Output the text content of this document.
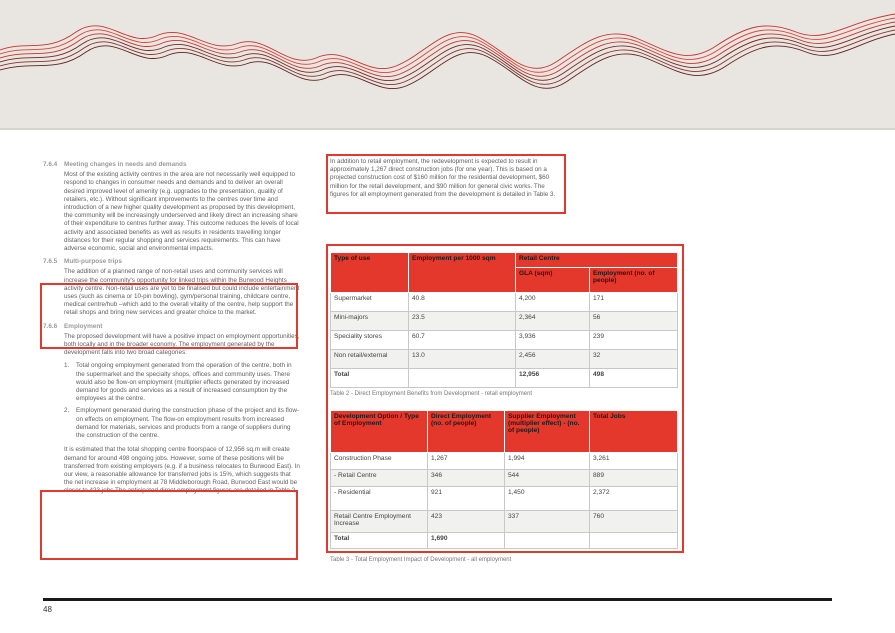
7.6.4 Meeting changes in needs and demands

Most of the existing activity centres in the area are not necessarily well equipped to respond to changes in consumer needs and demands and to deliver an overall desired improved level of amenity (e.g. upgrades to the presentation, quality of retailers, etc.). Without significant improvements to the centres over time and introduction of a new higher quality development as proposed by this development, the community will be increasingly underserved and likely direct an increasing share of their expenditure to centres further away. This outcome reduces the levels of local activity and associated benefits as well as results in residents travelling longer distances for their regular shopping and services requirements. This can have adverse economic, social and environmental impacts.

7.6.5 Multi-purpose trips

The addition of a planned range of non-retail uses and community services will increase the community's opportunity for linked trips within the Burwood Heights activity centre. Non-retail uses are yet to be finalised but could include entertainment uses (such as cinema or 10-pin bowling), gym/personal training, childcare centre, medical centre/hub –which add to the overall vitality of the centre, help support the retail shops and bring new services and greater choice to the market.

7.6.6 Employment

The proposed development will have a positive impact on employment opportunities, both locally and in the broader economy. The employment generated by the development falls into two broad categories:

1.	Total ongoing employment generated from the operation of the centre, both in the supermarket and the specialty shops, offices and community uses. There would also be flow-on employment (multiplier effects generated by increased demand for goods and services as a result of increased consumption by the employees at the centre.
2.	Employment generated during the construction phase of the project and its flow-on effects on employment. The flow-on employment results from increased demand for materials, services and products from a range of suppliers during the construction of the centre.

It is estimated that the total shopping centre floorspace of 12,956 sq.m will create demand for around 498 ongoing jobs. However, some of these positions will be transferred from existing employers (e.g. if a business relocates to Burwood East). In our view, a reasonable allowance for transferred jobs is 15%, which suggests that the net increase in employment at 78 Middleborough Road, Burwood East would be closer to 423 jobs The anticipated direct employment figures are detailed in Table 2.

In addition to retail employment, the redevelopment is expected to result in approximately 1,267 direct construction jobs (for one year). This is based on a projected construction cost of $160 million for the residential development, $60 million for the retail development, and $90 million for general civic works. The figures for all employment generated from the development is detailed in Table 3.

Type of use	Employment per 1000 sqm	Retail Centre	
		GLA (sqm)	Employment (no. of people)
Supermarket	40.8	4,200	171
Mini-majors	23.5	2,364	56
Speciality stores	60.7	3,936	239
Non retail/external	13.0	2,456	32
Total		12,956	498
Table 2 - Direct Employment Benefits from Development - retail employment
Development Option / Type of Employment	Direct Employment (no. of people)	Supplier Employment (multiplier effect) - (no. of people)	Total Jobs
Construction Phase	1,267	1,994	3,261
- Retail Centre	346	544	889
- Residential	921	1,450	2,372
Retail Centre Employment Increase	423	337	760
Total	1,690		
Table 3 - Total Employment Impact of Development - all employment
48
